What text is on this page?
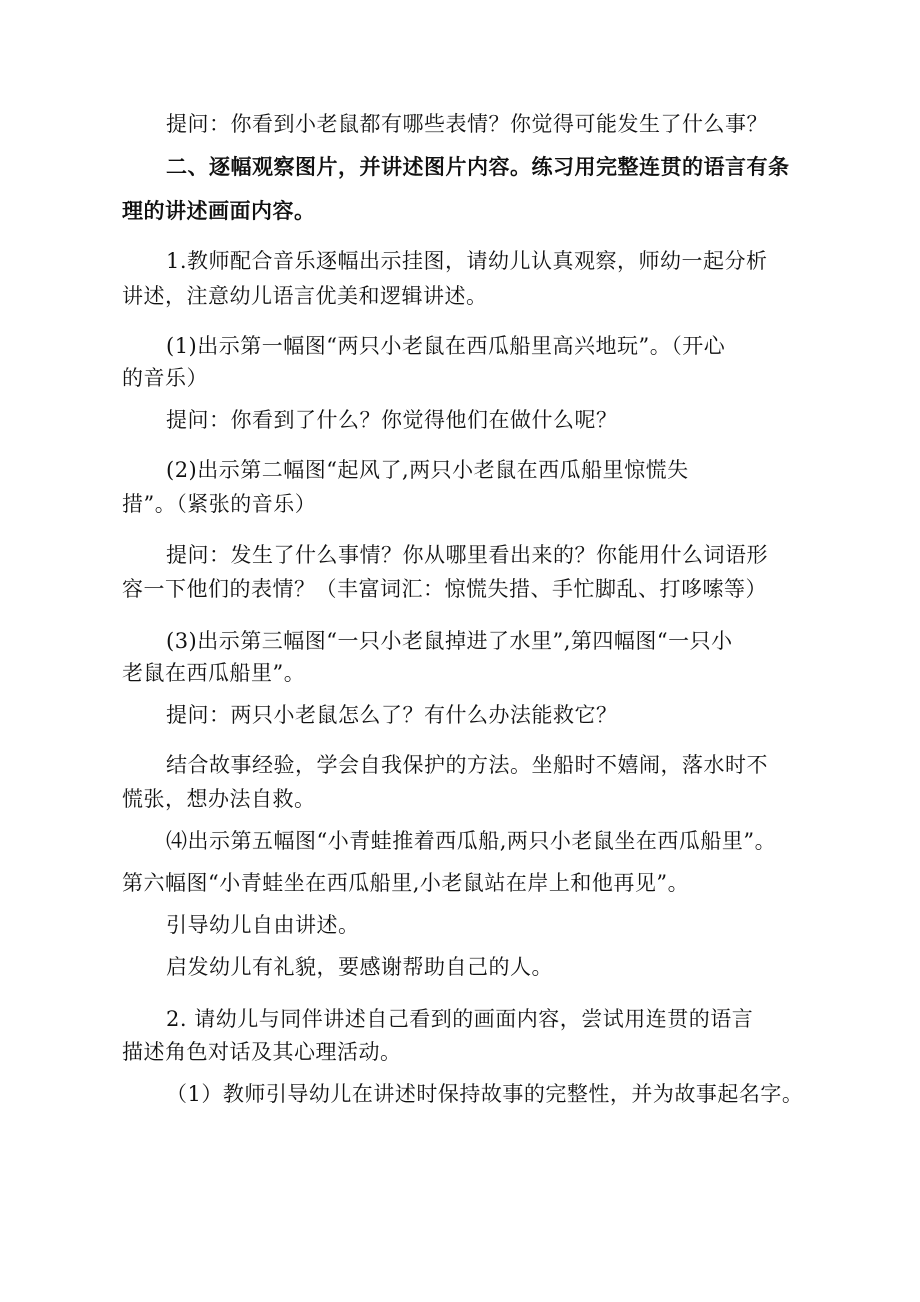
提问：你看到小老鼠都有哪些表情？你觉得可能发生了什么事？
二、逐幅观察图片，并讲述图片内容。练习用完整连贯的语言有条
理的讲述画面内容。
1.教师配合音乐逐幅出示挂图，请幼儿认真观察，师幼一起分析
讲述，注意幼儿语言优美和逻辑讲述。
(1)出示第一幅图“两只小老鼠在西瓜船里高兴地玩”。（开心
的音乐）
提问：你看到了什么？你觉得他们在做什么呢？
(2)出示第二幅图“起风了,两只小老鼠在西瓜船里惊慌失
措”。（紧张的音乐）
提问：发生了什么事情？你从哪里看出来的？你能用什么词语形
容一下他们的表情？（丰富词汇：惊慌失措、手忙脚乱、打哆嗦等）
(3)出示第三幅图“一只小老鼠掉进了水里”,第四幅图“一只小
老鼠在西瓜船里”。
提问：两只小老鼠怎么了？有什么办法能救它？
结合故事经验，学会自我保护的方法。坐船时不嬉闹，落水时不
慌张，想办法自救。
⑷出示第五幅图“小青蛙推着西瓜船,两只小老鼠坐在西瓜船里”。
第六幅图“小青蛙坐在西瓜船里,小老鼠站在岸上和他再见”。
引导幼儿自由讲述。
启发幼儿有礼貌，要感谢帮助自己的人。
2. 请幼儿与同伴讲述自己看到的画面内容，尝试用连贯的语言
描述角色对话及其心理活动。
（1）教师引导幼儿在讲述时保持故事的完整性，并为故事起名字。
